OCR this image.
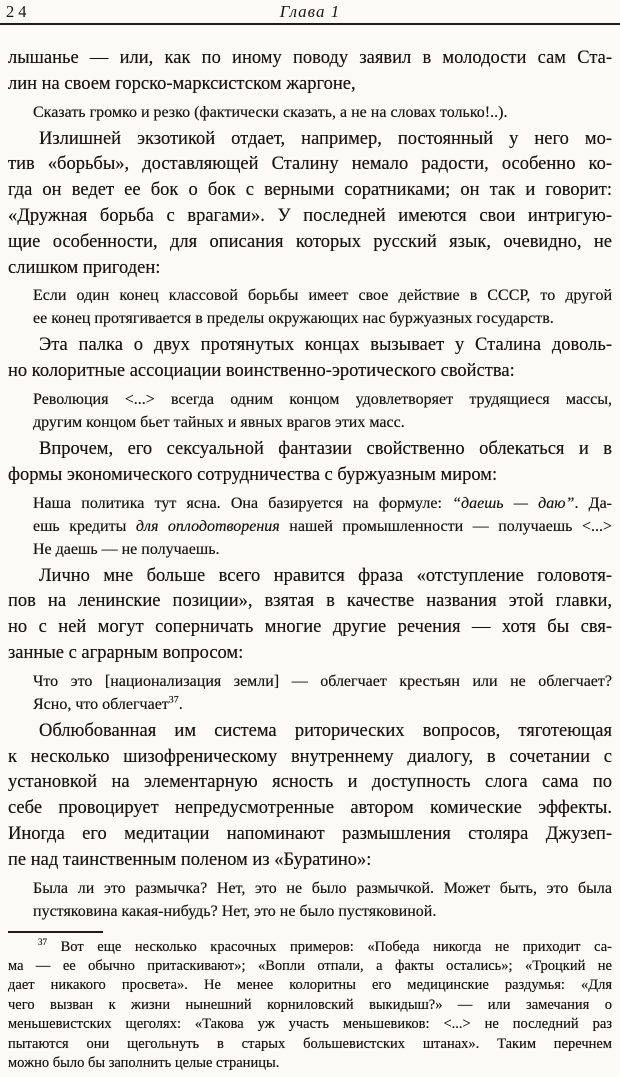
24	Глава 1
лышанье — или, как по иному поводу заявил в молодости сам Ста-
лин на своем горско-марксистском жаргоне,
Сказать громко и резко (фактически сказать, а не на словах только!..).
Излишней экзотикой отдает, например, постоянный у него мо-
тив «борьбы», доставляющей Сталину немало радости, особенно ко-
гда он ведет ее бок о бок с верными соратниками; он так и говорит:
«Дружная борьба с врагами». У последней имеются свои интригую-
щие особенности, для описания которых русский язык, очевидно, не
слишком пригоден:
Если один конец классовой борьбы имеет свое действие в СССР, то другой
ее конец протягивается в пределы окружающих нас буржуазных государств.
Эта палка о двух протянутых концах вызывает у Сталина доволь-
но колоритные ассоциации воинственно-эротического свойства:
Революция <...> всегда одним концом удовлетворяет трудящиеся массы,
другим концом бьет тайных и явных врагов этих масс.
Впрочем, его сексуальной фантазии свойственно облекаться и в
формы экономического сотрудничества с буржуазным миром:
Наша политика тут ясна. Она базируется на формуле: “даешь — даю”. Да-
ешь кредиты для оплодотворения нашей промышленности — получаешь <...>
Не даешь — не получаешь.
Лично мне больше всего нравится фраза «отступление головотя-
пов на ленинские позиции», взятая в качестве названия этой главки,
но с ней могут соперничать многие другие речения — хотя бы свя-
занные с аграрным вопросом:
Что это [национализация земли] — облегчает крестьян или не облегчает?
Ясно, что облегчает$^{37}$.
Облюбованная им система риторических вопросов, тяготеющая
к несколько шизофреническому внутреннему диалогу, в сочетании с
установкой на элементарную ясность и доступность слога сама по
себе провоцирует непредусмотренные автором комические эффекты.
Иногда его медитации напоминают размышления столяра Джузеп-
пе над таинственным поленом из «Буратино»:
Была ли это размычка? Нет, это не было размычкой. Может быть, это была
пустяковина какая-нибудь? Нет, это не было пустяковиной.
$^{37}$ Вот еще несколько красочных примеров: «Победа никогда не приходит са-
ма — ее обычно притаскивают»; «Вопли отпали, а факты остались»; «Троцкий не
дает никакого просвета». Не менее колоритны его медицинские раздумья: «Для
чего вызван к жизни нынешний корниловский выкидыш?» — или замечания о
меньшевистских щеголях: «Такова уж участь меньшевиков: <...> не последний раз
пытаются они щегольнуть в старых большевистских штанах». Таким перечнем
можно было бы заполнить целые страницы.
